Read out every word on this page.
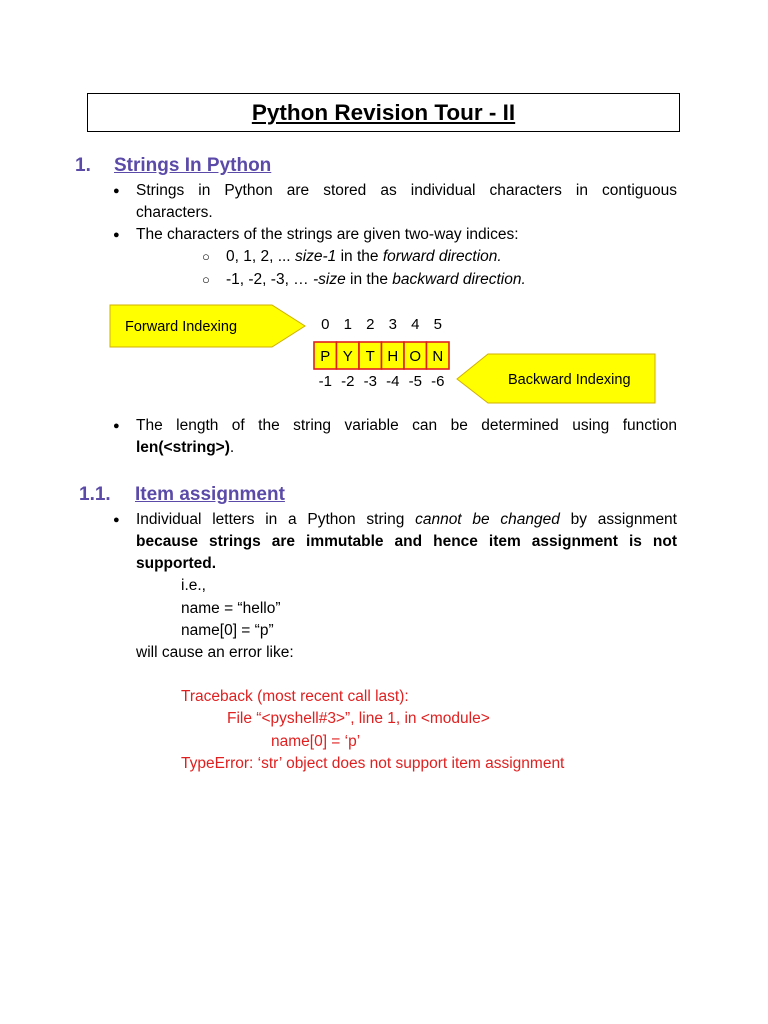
Python Revision Tour - II
1. Strings In Python
● Strings in Python are stored as individual characters in contiguous
characters.
● The characters of the strings are given two-way indices:
○ 0, 1, 2, ... size-1 in the forward direction.
○ -1, -2, -3, … -size in the backward direction.
Forward Indexing
Backward Indexing
P
0
-1
Y
1
-2
T
2
-3
H
3
-4
O
4
-5
N
5
-6
● The length of the string variable can be determined using function
len(<string>).
1.1. Item assignment
● Individual letters in a Python string cannot be changed by assignment
because strings are immutable and hence item assignment is not
supported.
i.e.,
name = “hello”
name[0] = “p”
will cause an error like:
Traceback (most recent call last):
File “<pyshell#3>”, line 1, in <module>
name[0] = ‘p’
TypeError: ‘str’ object does not support item assignment
